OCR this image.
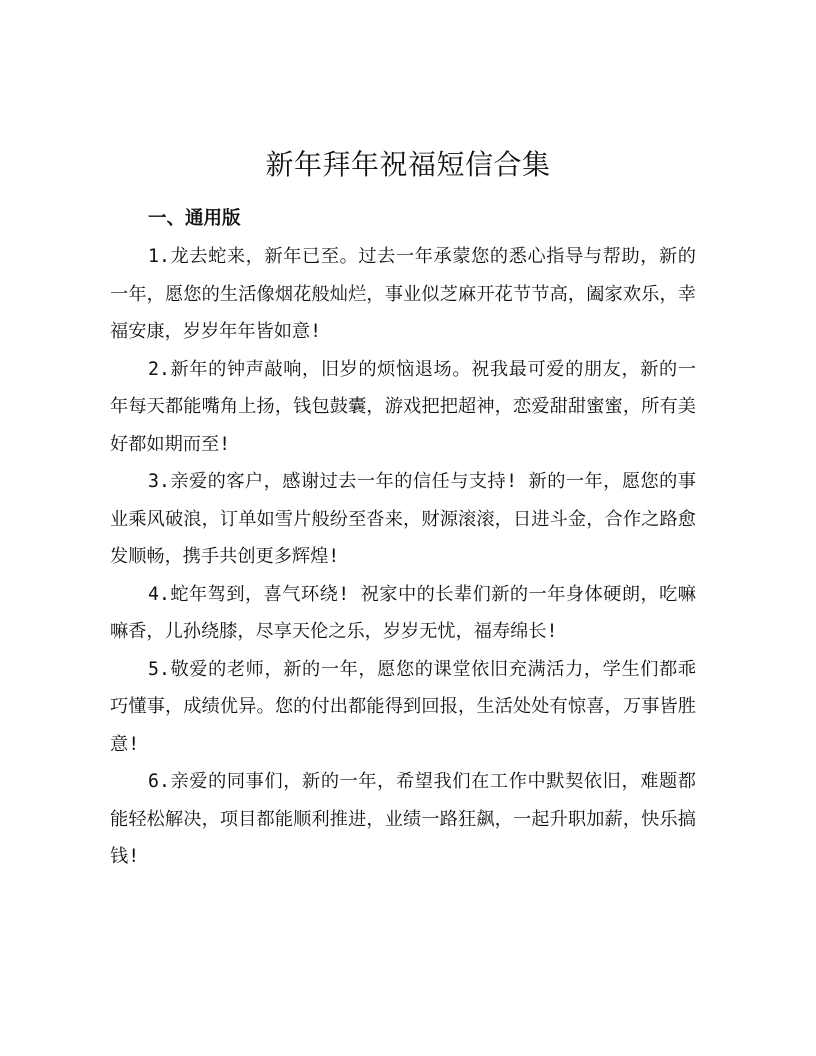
新年拜年祝福短信合集
一、通用版

1.龙去蛇来，新年已至。过去一年承蒙您的悉心指导与帮助，新的一年，愿您的生活像烟花般灿烂，事业似芝麻开花节节高，阖家欢乐，幸福安康，岁岁年年皆如意!

2.新年的钟声敲响，旧岁的烦恼退场。祝我最可爱的朋友，新的一年每天都能嘴角上扬，钱包鼓囊，游戏把把超神，恋爱甜甜蜜蜜，所有美好都如期而至!

3.亲爱的客户，感谢过去一年的信任与支持! 新的一年，愿您的事业乘风破浪，订单如雪片般纷至沓来，财源滚滚，日进斗金，合作之路愈发顺畅，携手共创更多辉煌!

4.蛇年驾到，喜气环绕! 祝家中的长辈们新的一年身体硬朗，吃嘛嘛香，儿孙绕膝，尽享天伦之乐，岁岁无忧，福寿绵长!

5.敬爱的老师，新的一年，愿您的课堂依旧充满活力，学生们都乖巧懂事，成绩优异。您的付出都能得到回报，生活处处有惊喜，万事皆胜意!

6.亲爱的同事们，新的一年，希望我们在工作中默契依旧，难题都能轻松解决，项目都能顺利推进，业绩一路狂飙，一起升职加薪，快乐搞钱!
